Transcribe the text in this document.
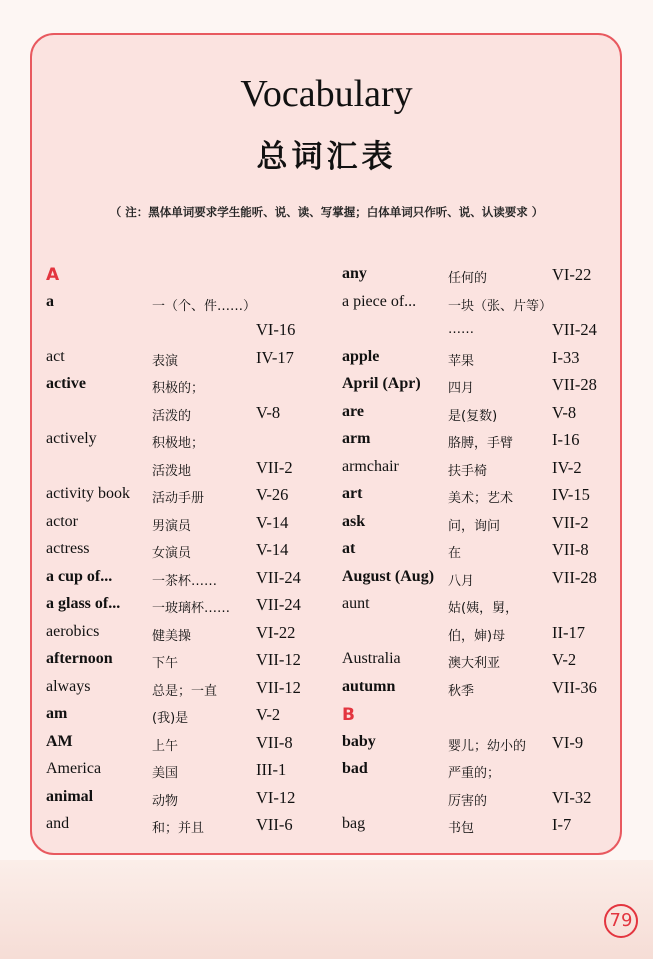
Vocabulary
总词汇表
（ 注：黑体单词要求学生能听、说、读、写掌握；白体单词只作听、说、认读要求 ）
A
a	一（个、件……）
VI-16
act	表演	IV-17
active	积极的；
活泼的	V-8
actively	积极地；
活泼地	VII-2
activity book 活动手册	V-26
actor	男演员	V-14
actress	女演员	V-14
a cup of...	一茶杯…… VII-24
a glass of... 一玻璃杯…… VII-24
aerobics	健美操	VI-22
afternoon	下午	VII-12
always	总是；一直 VII-12
am	(我)是	V-2
AM	上午	VII-8
America	美国	III-1
animal	动物	VI-12
and	和；并且	VII-6
any	任何的	VI-22
a piece of... 一块（张、片等）
……	VII-24
apple	苹果	I-33
April (Apr) 四月	VII-28
are	是(复数)	V-8
arm	胳膊，手臂 I-16
armchair	扶手椅	IV-2
art	美术；艺术 IV-15
ask	问，询问	VII-2
at	在	VII-8
August (Aug) 八月	VII-28
aunt	姑(姨，舅，
伯，婶)母	II-17
Australia	澳大利亚	V-2
autumn	秋季	VII-36
B
baby	婴儿；幼小的 VI-9
bad	严重的；
厉害的	VI-32
bag	书包	I-7
79
